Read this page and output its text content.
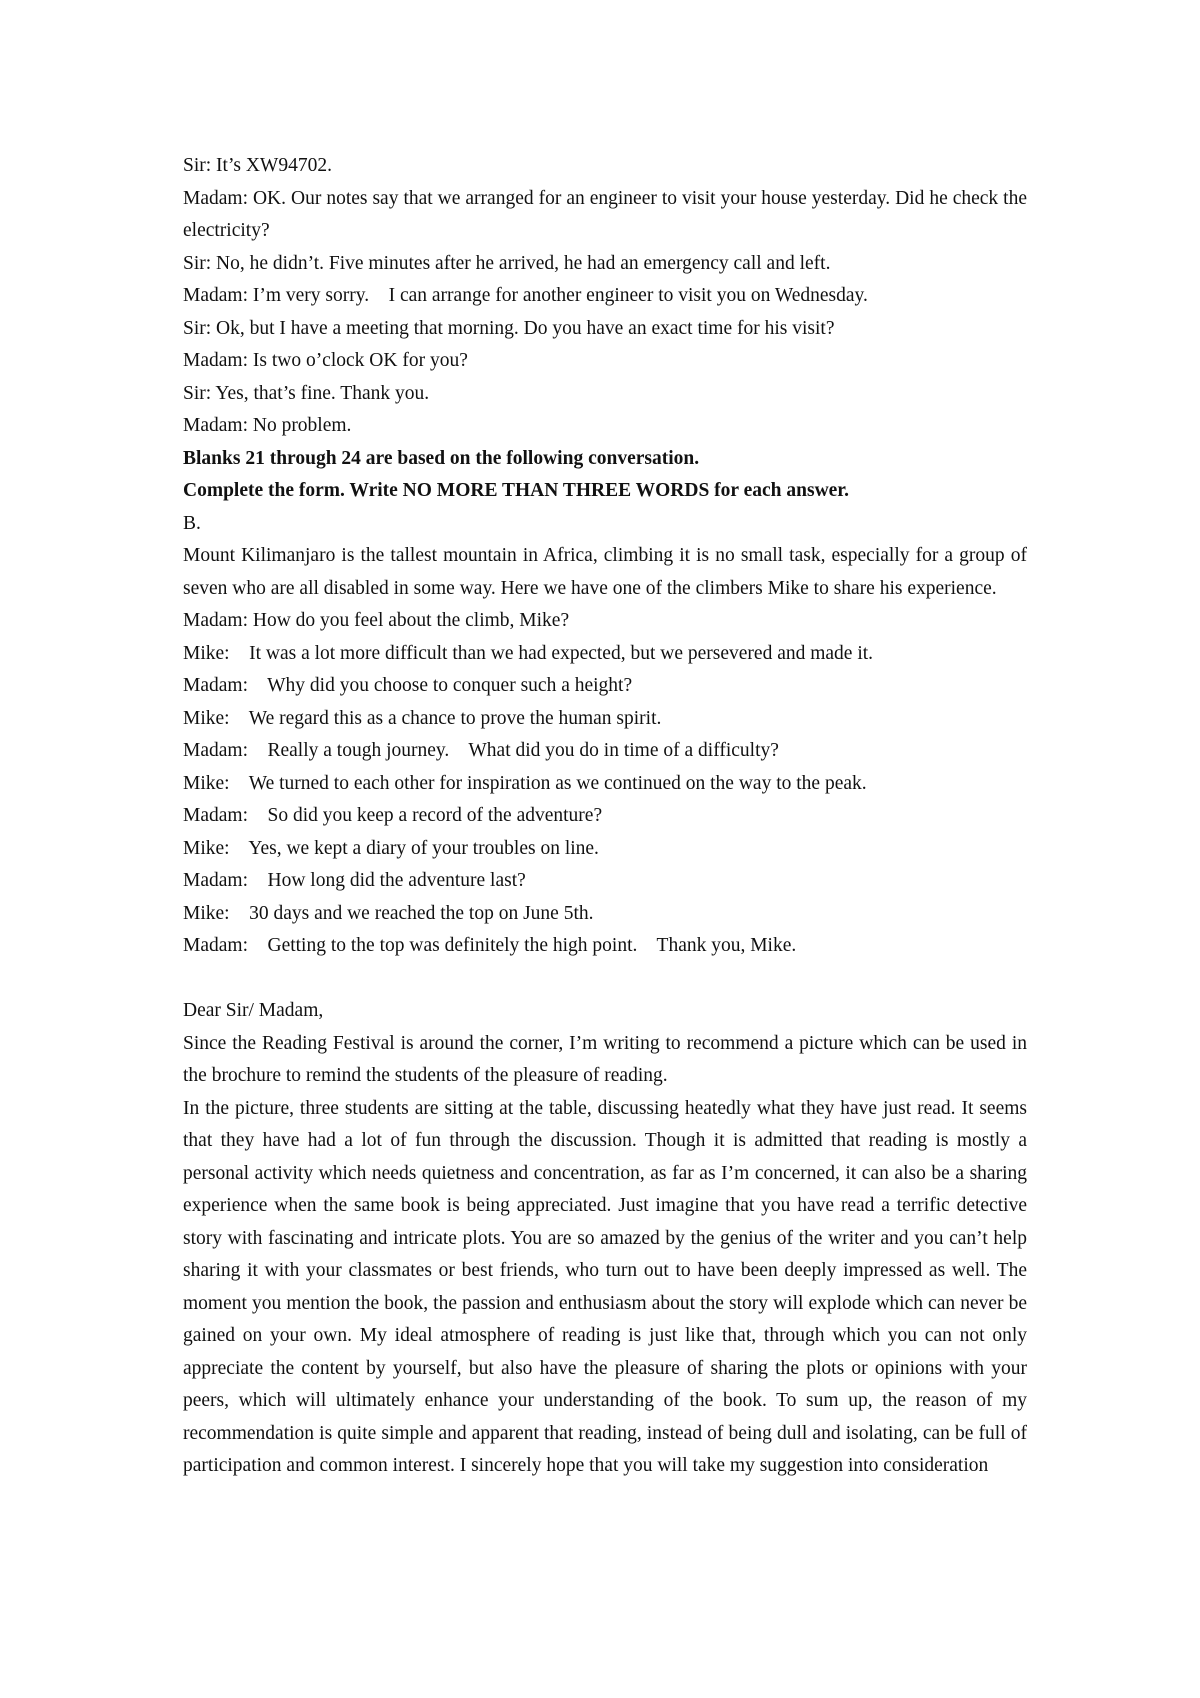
Sir: It’s XW94702.

Madam: OK. Our notes say that we arranged for an engineer to visit your house yesterday. Did he check the electricity?

Sir: No, he didn’t. Five minutes after he arrived, he had an emergency call and left.

Madam: I’m very sorry.    I can arrange for another engineer to visit you on Wednesday.

Sir: Ok, but I have a meeting that morning. Do you have an exact time for his visit?

Madam: Is two o’clock OK for you?

Sir: Yes, that’s fine. Thank you.

Madam: No problem.

Blanks 21 through 24 are based on the following conversation.

Complete the form. Write NO MORE THAN THREE WORDS for each answer.

B.

Mount Kilimanjaro is the tallest mountain in Africa, climbing it is no small task, especially for a group of seven who are all disabled in some way. Here we have one of the climbers Mike to share his experience.

Madam: How do you feel about the climb, Mike?

Mike:    It was a lot more difficult than we had expected, but we persevered and made it.

Madam:    Why did you choose to conquer such a height?

Mike:    We regard this as a chance to prove the human spirit.

Madam:    Really a tough journey.    What did you do in time of a difficulty?

Mike:    We turned to each other for inspiration as we continued on the way to the peak.

Madam:    So did you keep a record of the adventure?

Mike:    Yes, we kept a diary of your troubles on line.

Madam:    How long did the adventure last?

Mike:    30 days and we reached the top on June 5th.

Madam:    Getting to the top was definitely the high point.    Thank you, Mike.

Dear Sir/ Madam,

Since the Reading Festival is around the corner, I’m writing to recommend a picture which can be used in the brochure to remind the students of the pleasure of reading.

In the picture, three students are sitting at the table, discussing heatedly what they have just read. It seems that they have had a lot of fun through the discussion. Though it is admitted that reading is mostly a personal activity which needs quietness and concentration, as far as I’m concerned, it can also be a sharing experience when the same book is being appreciated. Just imagine that you have read a terrific detective story with fascinating and intricate plots. You are so amazed by the genius of the writer and you can’t help sharing it with your classmates or best friends, who turn out to have been deeply impressed as well. The moment you mention the book, the passion and enthusiasm about the story will explode which can never be gained on your own. My ideal atmosphere of reading is just like that, through which you can not only appreciate the content by yourself, but also have the pleasure of sharing the plots or opinions with your peers, which will ultimately enhance your understanding of the book. To sum up, the reason of my recommendation is quite simple and apparent that reading, instead of being dull and isolating, can be full of participation and common interest. I sincerely hope that you will take my suggestion into consideration
